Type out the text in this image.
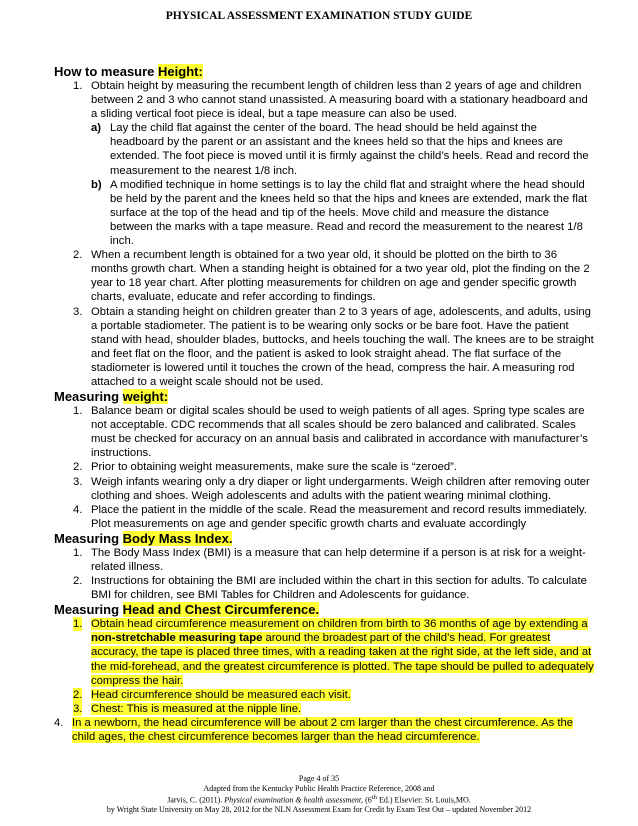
PHYSICAL ASSESSMENT EXAMINATION STUDY GUIDE

How to measure Height:

1. Obtain height by measuring the recumbent length of children less than 2 years of age and children between 2 and 3 who cannot stand unassisted. A measuring board with a stationary headboard and a sliding vertical foot piece is ideal, but a tape measure can also be used.
a) Lay the child flat against the center of the board. The head should be held against the headboard by the parent or an assistant and the knees held so that the hips and knees are extended. The foot piece is moved until it is firmly against the child’s heels. Read and record the measurement to the nearest 1/8 inch.
b) A modified technique in home settings is to lay the child flat and straight where the head should be held by the parent and the knees held so that the hips and knees are extended, mark the flat surface at the top of the head and tip of the heels. Move child and measure the distance between the marks with a tape measure. Read and record the measurement to the nearest 1/8 inch.
2. When a recumbent length is obtained for a two year old, it should be plotted on the birth to 36 months growth chart. When a standing height is obtained for a two year old, plot the finding on the 2 year to 18 year chart. After plotting measurements for children on age and gender specific growth charts, evaluate, educate and refer according to findings.
3. Obtain a standing height on children greater than 2 to 3 years of age, adolescents, and adults, using a portable stadiometer. The patient is to be wearing only socks or be bare foot. Have the patient stand with head, shoulder blades, buttocks, and heels touching the wall. The knees are to be straight and feet flat on the floor, and the patient is asked to look straight ahead. The flat surface of the stadiometer is lowered until it touches the crown of the head, compress the hair. A measuring rod attached to a weight scale should not be used.

Measuring weight:

1. Balance beam or digital scales should be used to weigh patients of all ages. Spring type scales are not acceptable. CDC recommends that all scales should be zero balanced and calibrated. Scales must be checked for accuracy on an annual basis and calibrated in accordance with manufacturer’s instructions.
2. Prior to obtaining weight measurements, make sure the scale is “zeroed”.
3. Weigh infants wearing only a dry diaper or light undergarments. Weigh children after removing outer clothing and shoes. Weigh adolescents and adults with the patient wearing minimal clothing.
4. Place the patient in the middle of the scale. Read the measurement and record results immediately. Plot measurements on age and gender specific growth charts and evaluate accordingly

Measuring Body Mass Index.

1. The Body Mass Index (BMI) is a measure that can help determine if a person is at risk for a weight-related illness.
2. Instructions for obtaining the BMI are included within the chart in this section for adults. To calculate BMI for children, see BMI Tables for Children and Adolescents for guidance.

Measuring Head and Chest Circumference.

1. Obtain head circumference measurement on children from birth to 36 months of age by extending a non-stretchable measuring tape around the broadest part of the child’s head. For greatest accuracy, the tape is placed three times, with a reading taken at the right side, at the left side, and at the mid-forehead, and the greatest circumference is plotted. The tape should be pulled to adequately compress the hair.
2. Head circumference should be measured each visit.
3. Chest: This is measured at the nipple line.
4. In a newborn, the head circumference will be about 2 cm larger than the chest circumference. As the child ages, the chest circumference becomes larger than the head circumference.
Page 4 of 35
Adapted from the Kentucky Public Health Practice Reference, 2008 and
Jarvis, C. (2011). Physical examination & health assessment, (6th Ed.) Elsevier: St. Louis,MO.
by Wright State University on May 28, 2012 for the NLN Assessment Exam for Credit by Exam Test Out – updated November 2012
